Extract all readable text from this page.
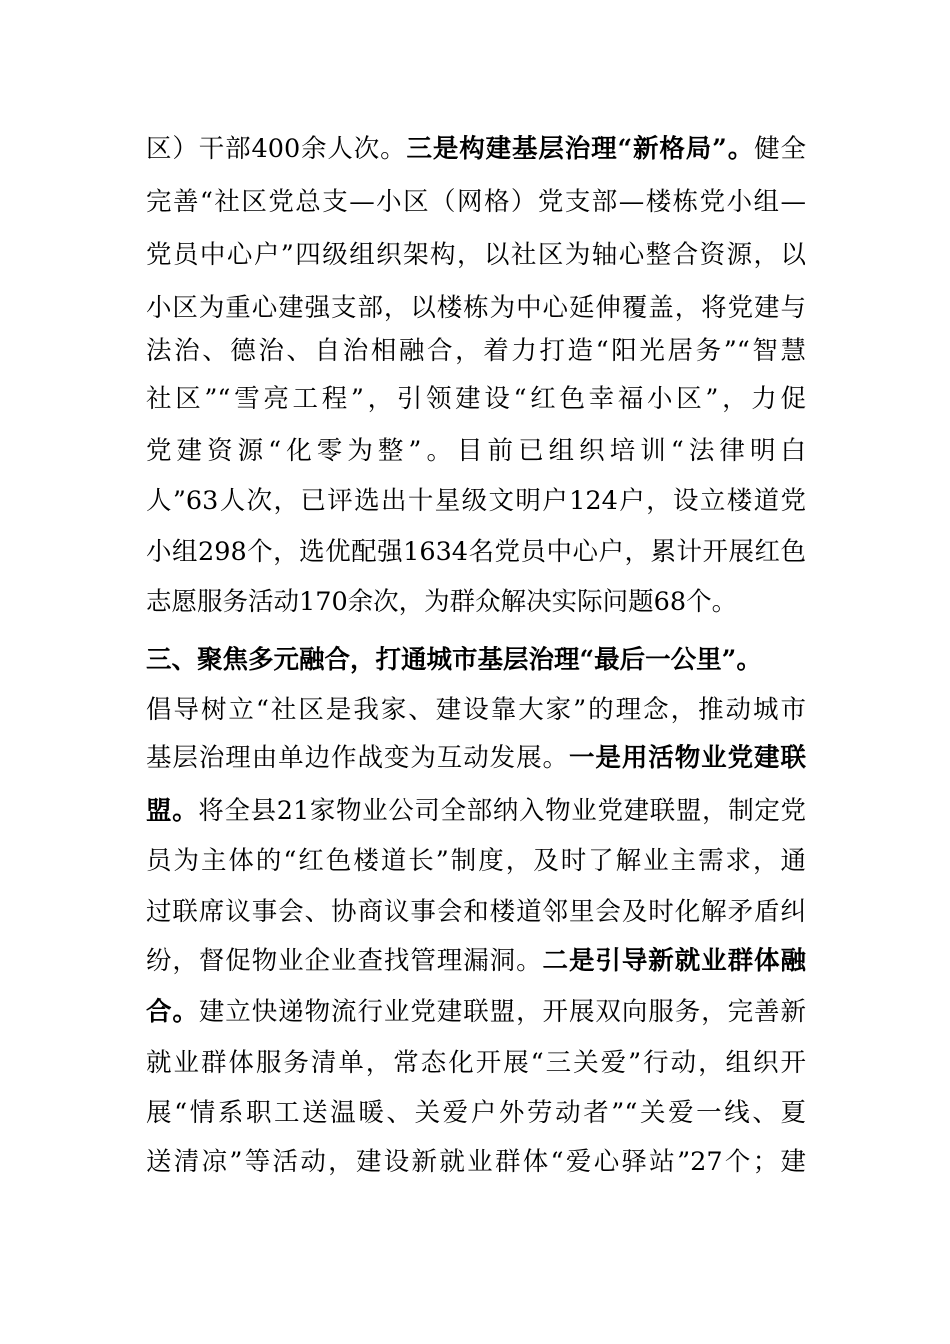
区）干部400余人次。三是构建基层治理“新格局”。健全
完善“社区党总支—小区（网格）党支部—楼栋党小组—
党员中心户”四级组织架构，以社区为轴心整合资源，以
小区为重心建强支部，以楼栋为中心延伸覆盖，将党建与
法治、德治、自治相融合，着力打造“阳光居务”“智慧
社区”“雪亮工程”，引领建设“红色幸福小区”，力促
党建资源“化零为整”。目前已组织培训“法律明白
人”63人次，已评选出十星级文明户124户，设立楼道党
小组298个，选优配强1634名党员中心户，累计开展红色
志愿服务活动170余次，为群众解决实际问题68个。
三、聚焦多元融合，打通城市基层治理“最后一公里”。
倡导树立“社区是我家、建设靠大家”的理念，推动城市
基层治理由单边作战变为互动发展。一是用活物业党建联
盟。将全县21家物业公司全部纳入物业党建联盟，制定党
员为主体的“红色楼道长”制度，及时了解业主需求，通
过联席议事会、协商议事会和楼道邻里会及时化解矛盾纠
纷，督促物业企业查找管理漏洞。二是引导新就业群体融
合。建立快递物流行业党建联盟，开展双向服务，完善新
就业群体服务清单，常态化开展“三关爱”行动，组织开
展“情系职工送温暖、关爱户外劳动者”“关爱一线、夏
送清凉”等活动，建设新就业群体“爱心驿站”27个；建
